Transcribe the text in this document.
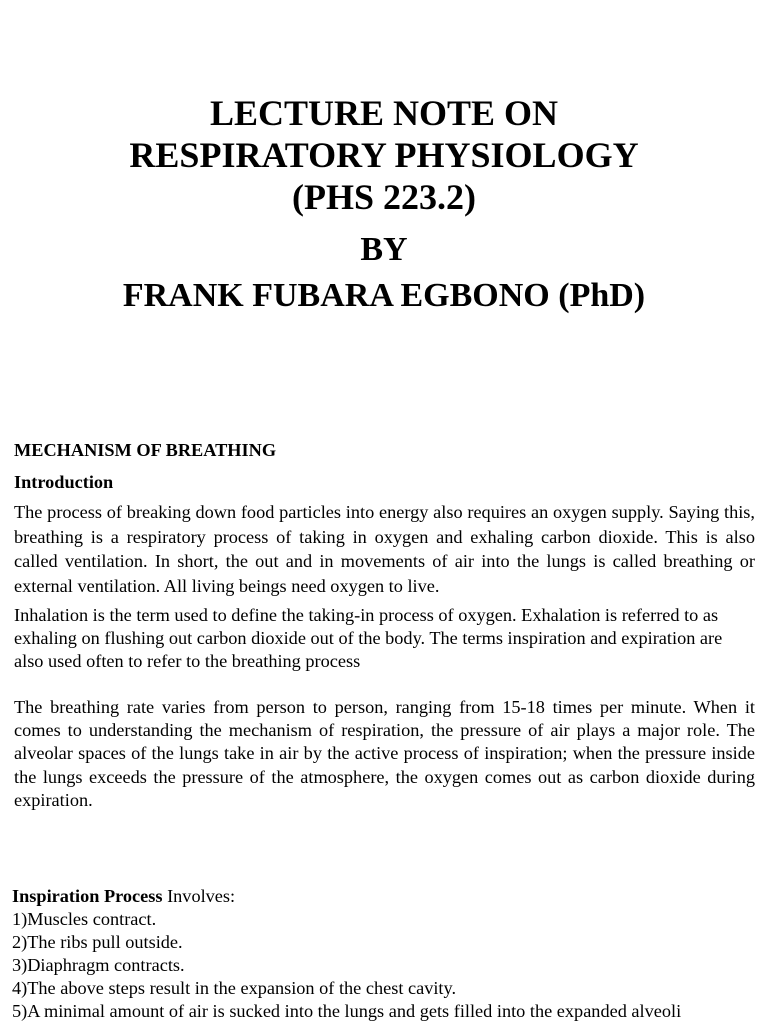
LECTURE NOTE ON
RESPIRATORY PHYSIOLOGY
(PHS 223.2)
BY
FRANK FUBARA EGBONO (PhD)
MECHANISM OF BREATHING
Introduction
The process of breaking down food particles into energy also requires an oxygen supply. Saying this, breathing is a respiratory process of taking in oxygen and exhaling carbon dioxide. This is also called ventilation. In short, the out and in movements of air into the lungs is called breathing or external ventilation. All living beings need oxygen to live.
Inhalation is the term used to define the taking-in process of oxygen. Exhalation is referred to as exhaling on flushing out carbon dioxide out of the body. The terms inspiration and expiration are also used often to refer to the breathing process
The breathing rate varies from person to person, ranging from 15-18 times per minute. When it comes to understanding the mechanism of respiration, the pressure of air plays a major role. The alveolar spaces of the lungs take in air by the active process of inspiration; when the pressure inside the lungs exceeds the pressure of the atmosphere, the oxygen comes out as carbon dioxide during expiration.
Inspiration Process Involves:
1)Muscles contract.
2)The ribs pull outside.
3)Diaphragm contracts.
4)The above steps result in the expansion of the chest cavity.
5)A minimal amount of air is sucked into the lungs and gets filled into the expanded alveoli
